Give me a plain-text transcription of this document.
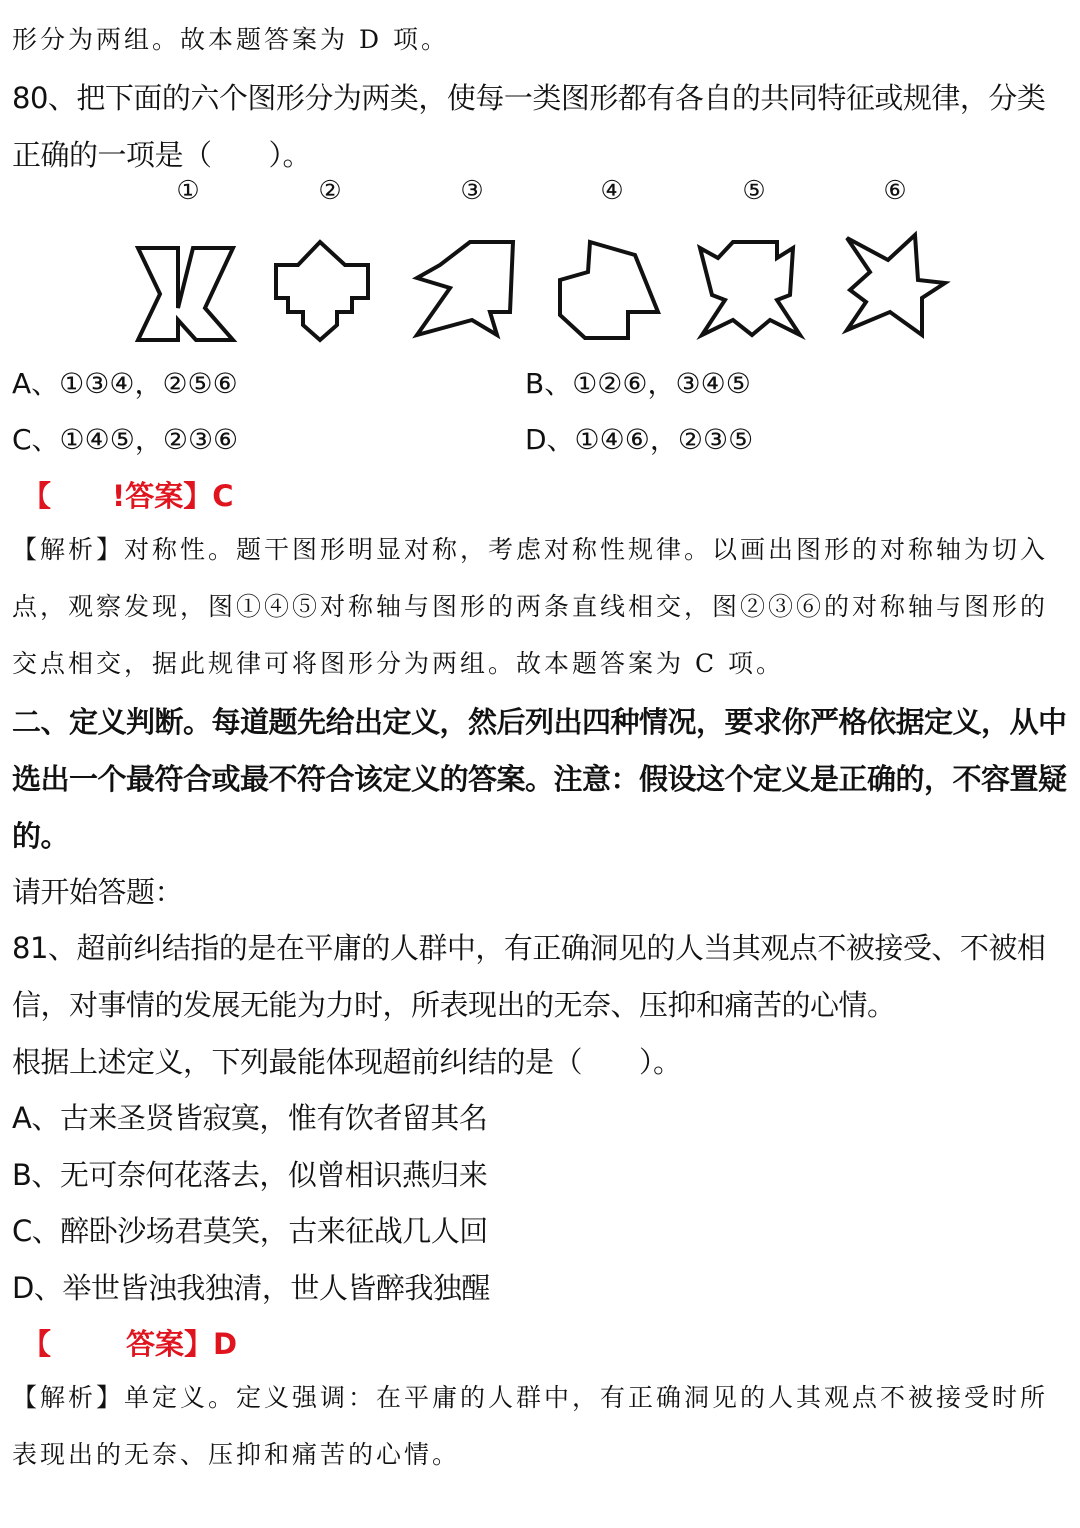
形分为两组。故本题答案为 D 项。
80、把下面的六个图形分为两类，使每一类图形都有各自的共同特征或规律，分类
正确的一项是（　　）。
①	②	③	④	⑤	⑥
A、①③④，②⑤⑥	B、①②⑥，③④⑤
C、①④⑤，②③⑥	D、①④⑥，②③⑤
【 !答案】C
【解析】对称性。题干图形明显对称，考虑对称性规律。以画出图形的对称轴为切入
点，观察发现，图①④⑤对称轴与图形的两条直线相交，图②③⑥的对称轴与图形的
交点相交，据此规律可将图形分为两组。故本题答案为 C 项。
二、定义判断。每道题先给出定义，然后列出四种情况，要求你严格依据定义，从中
选出一个最符合或最不符合该定义的答案。注意：假设这个定义是正确的，不容置疑
的。
请开始答题：
81、超前纠结指的是在平庸的人群中，有正确洞见的人当其观点不被接受、不被相
信，对事情的发展无能为力时，所表现出的无奈、压抑和痛苦的心情。
根据上述定义，下列最能体现超前纠结的是（　　）。
A、古来圣贤皆寂寞，惟有饮者留其名
B、无可奈何花落去，似曾相识燕归来
C、醉卧沙场君莫笑，古来征战几人回
D、举世皆浊我独清，世人皆醉我独醒
【	答案】D
【解析】单定义。定义强调：在平庸的人群中，有正确洞见的人其观点不被接受时所
表现出的无奈、压抑和痛苦的心情。
